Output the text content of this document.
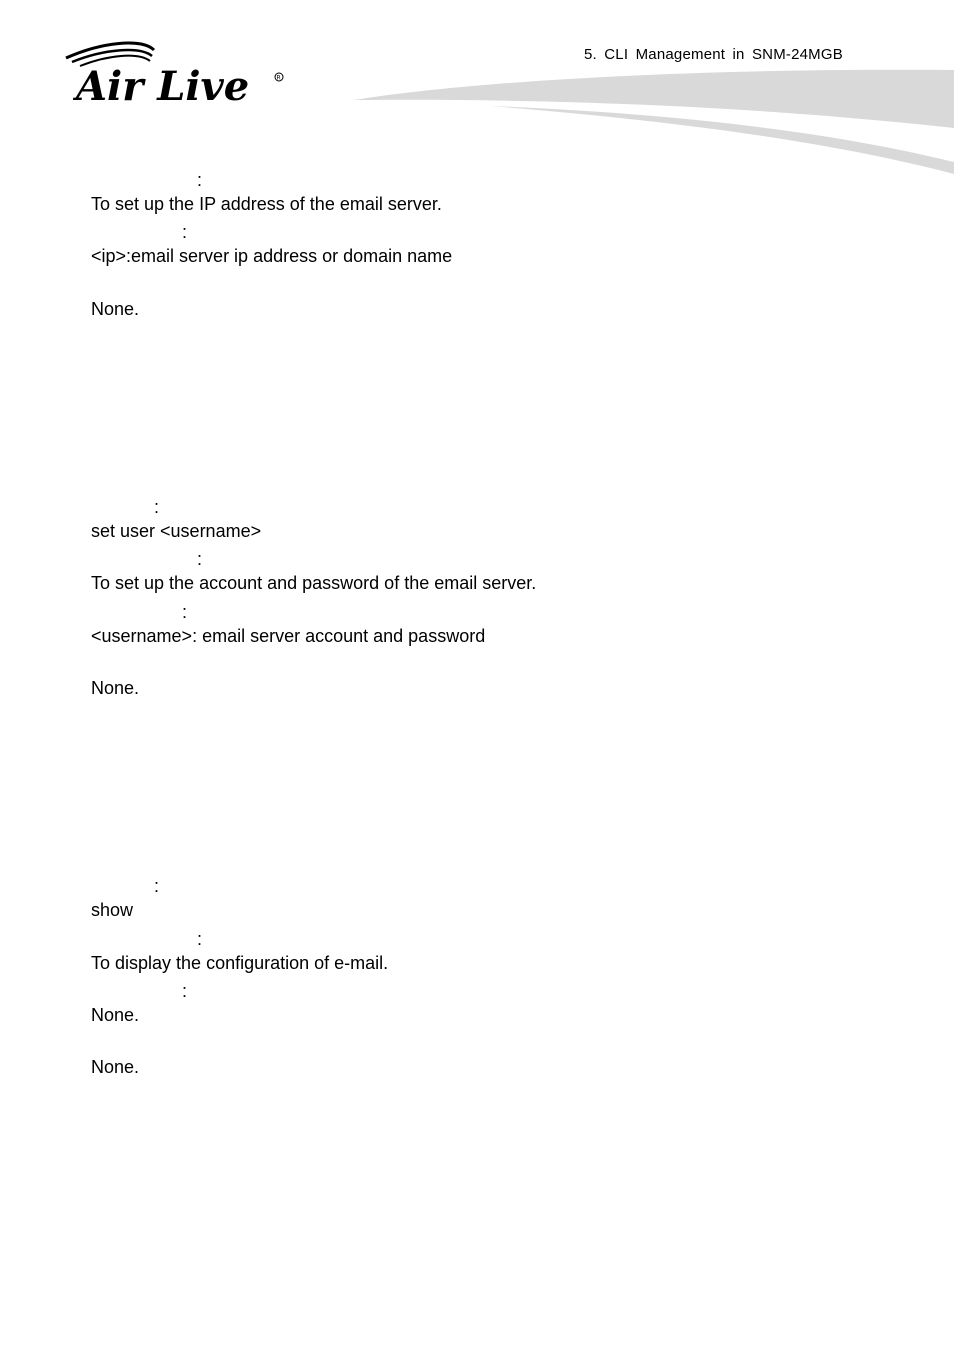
Air Live	R
5. CLI Management in SNM-24MGB
:
To set up the IP address of the email server.
:
<ip>:email server ip address or domain name
None.
:
set user <username>
:
To set up the account and password of the email server.
:
<username>: email server account and password
None.
:
show
:
To display the configuration of e-mail.
:
None.
None.
